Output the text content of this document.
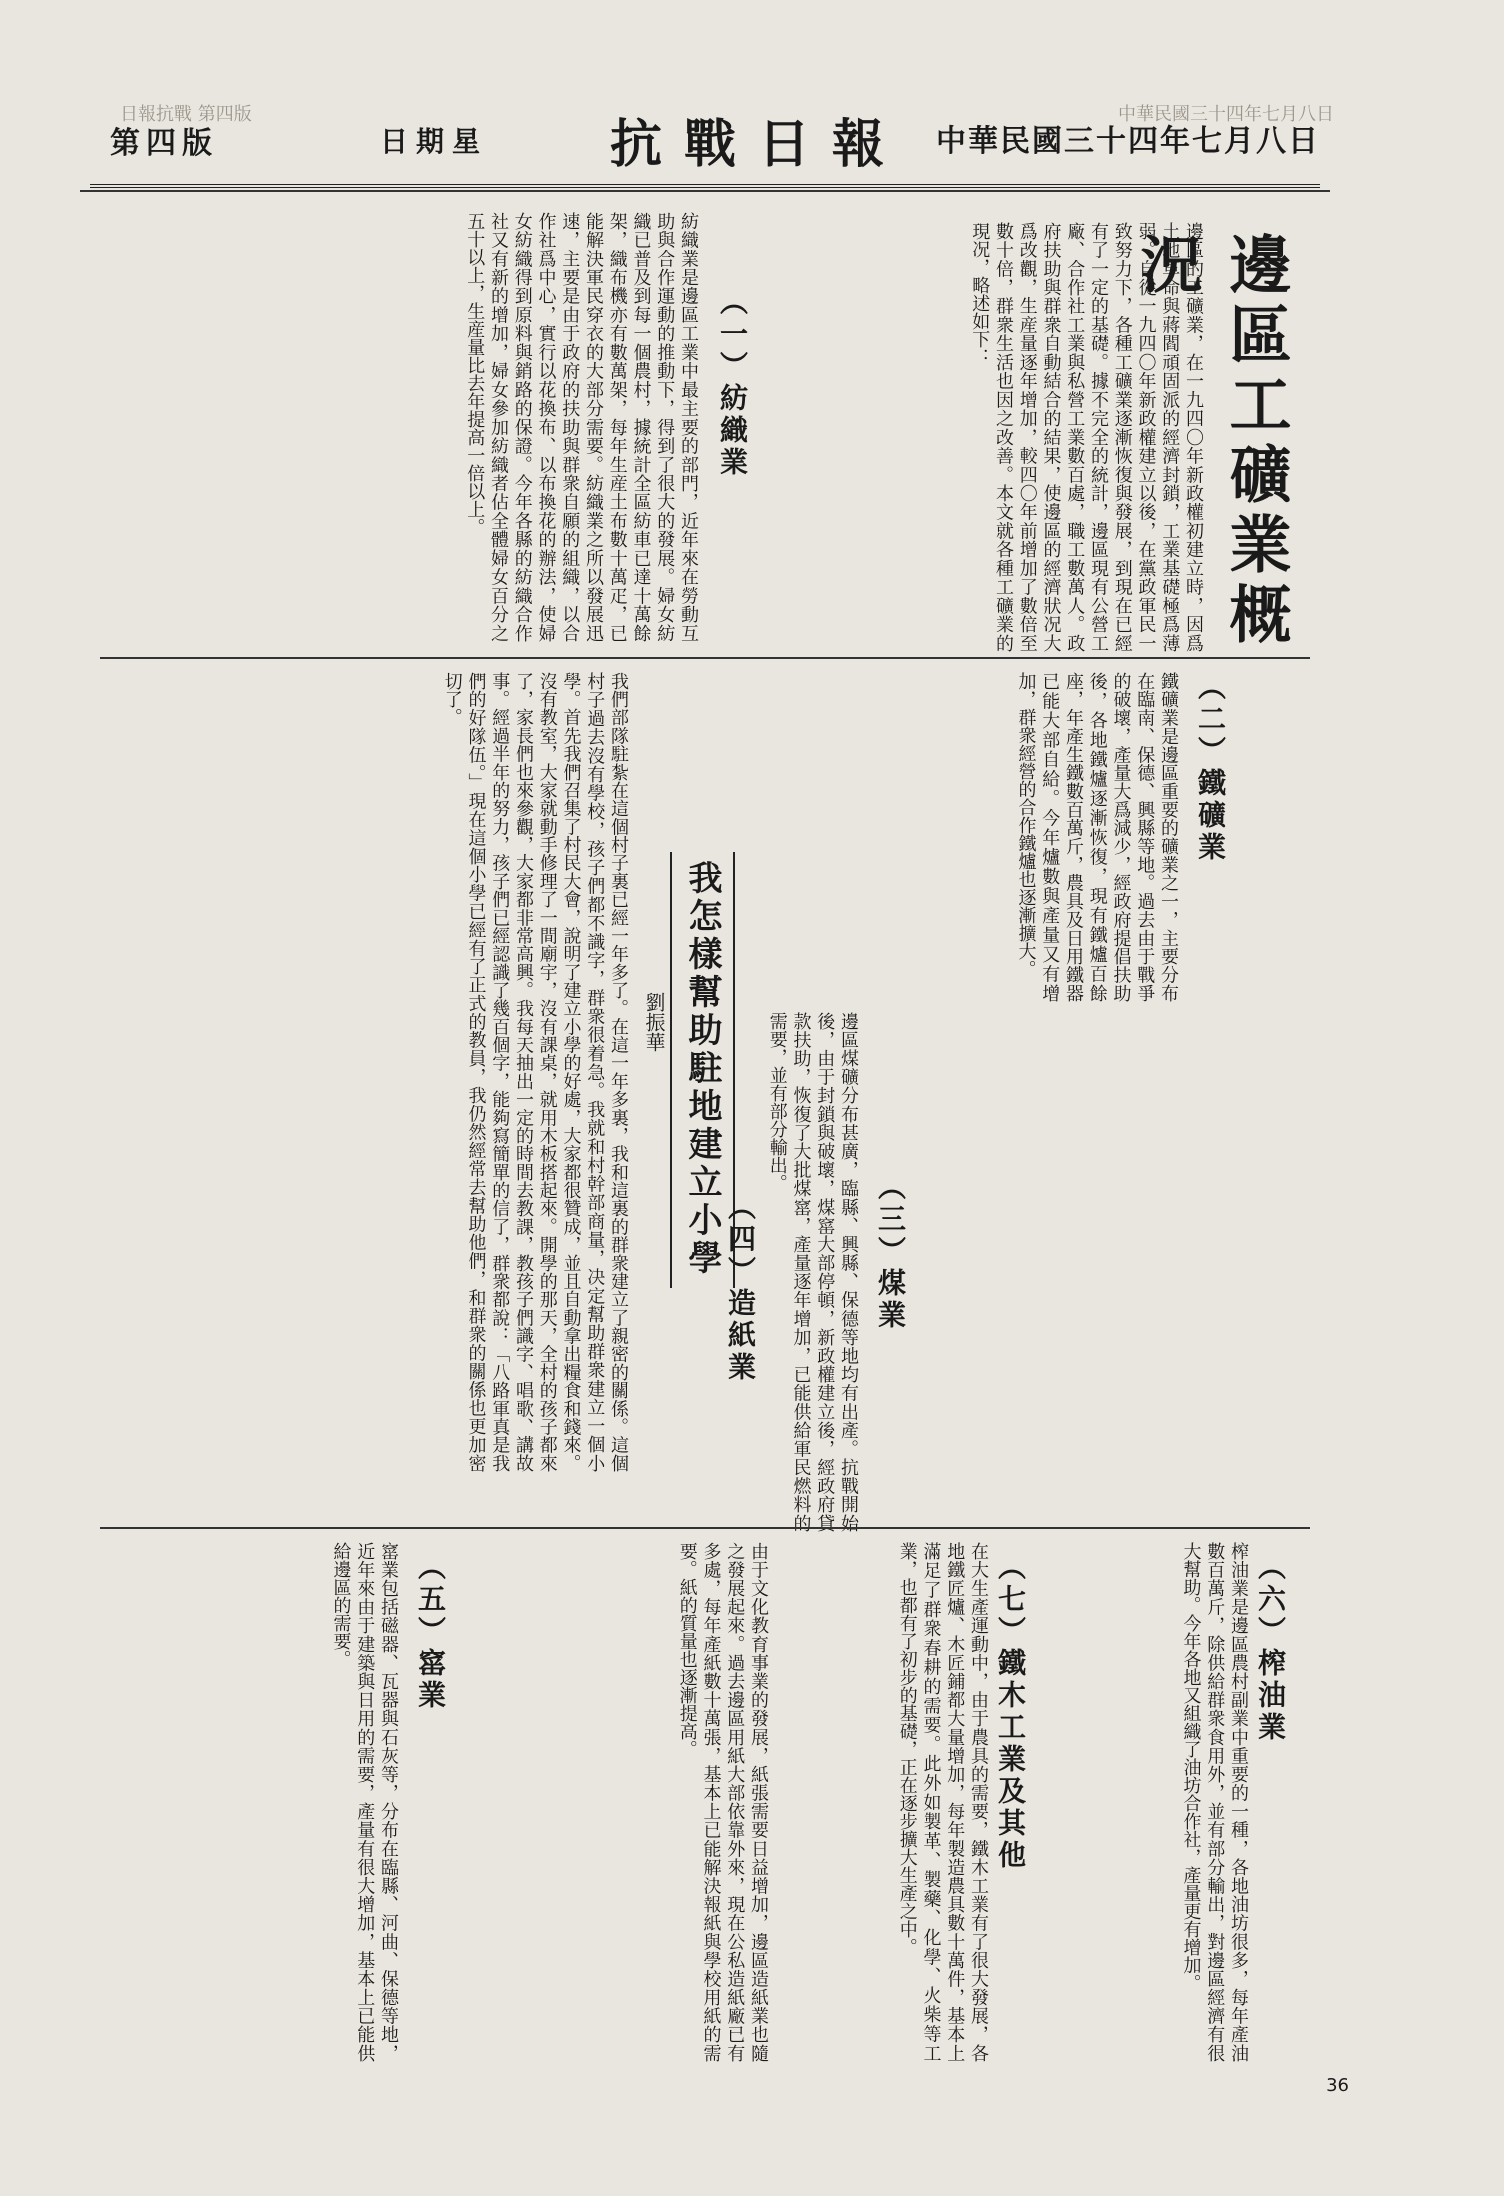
中華民國三十四年七月八日
日報抗戰 第四版
中華民國三十四年七月八日
抗戰日報
日期星
第四版
邊區工礦業概況
邊區的工礦業，在一九四〇年新政權初建立時，因爲土地革命與蔣閻頑固派的經濟封鎖，工業基礎極爲薄弱。自從一九四〇年新政權建立以後，在黨政軍民一致努力下，各種工礦業逐漸恢復與發展，到現在已經有了一定的基礎。據不完全的統計，邊區現有公營工廠、合作社工業與私營工業數百處，職工數萬人。政府扶助與群衆自動結合的結果，使邊區的經濟狀况大爲改觀，生産量逐年增加，較四〇年前增加了數倍至數十倍，群衆生活也因之改善。本文就各種工礦業的現况，略述如下：
（一）紡織業
紡織業是邊區工業中最主要的部門，近年來在勞動互助與合作運動的推動下，得到了很大的發展。婦女紡織已普及到每一個農村，據統計全區紡車已達十萬餘架，織布機亦有數萬架，每年生産土布數十萬疋，已能解決軍民穿衣的大部分需要。紡織業之所以發展迅速，主要是由于政府的扶助與群衆自願的組織，以合作社爲中心，實行以花換布、以布換花的辦法，使婦女紡織得到原料與銷路的保證。今年各縣的紡織合作社又有新的增加，婦女參加紡織者佔全體婦女百分之五十以上，生産量比去年提高一倍以上。
（二）鐵礦業
鐵礦業是邊區重要的礦業之一，主要分布在臨南、保德、興縣等地。過去由于戰爭的破壞，產量大爲減少，經政府提倡扶助後，各地鐵爐逐漸恢復，現有鐵爐百餘座，年產生鐵數百萬斤，農具及日用鐵器已能大部自給。今年爐數與產量又有增加，群衆經營的合作鐵爐也逐漸擴大。
（三）煤業
邊區煤礦分布甚廣，臨縣、興縣、保德等地均有出產。抗戰開始後，由于封鎖與破壞，煤窰大部停頓，新政權建立後，經政府貸款扶助，恢復了大批煤窰，產量逐年增加，已能供給軍民燃料的需要，並有部分輸出。
我怎樣幫助駐地建立小學
劉振華
我們部隊駐紮在這個村子裏已經一年多了。在這一年多裏，我和這裏的群衆建立了親密的關係。這個村子過去沒有學校，孩子們都不識字，群衆很着急。我就和村幹部商量，决定幫助群衆建立一個小學。首先我們召集了村民大會，說明了建立小學的好處，大家都很贊成，並且自動拿出糧食和錢來。沒有教室，大家就動手修理了一間廟宇，沒有課桌，就用木板搭起來。開學的那天，全村的孩子都來了，家長們也來參觀，大家都非常高興。我每天抽出一定的時間去教課，教孩子們識字、唱歌、講故事。經過半年的努力，孩子們已經認識了幾百個字，能夠寫簡單的信了，群衆都說：「八路軍真是我們的好隊伍。」現在這個小學已經有了正式的教員，我仍然經常去幫助他們，和群衆的關係也更加密切了。
（六）榨油業
榨油業是邊區農村副業中重要的一種，各地油坊很多，每年產油數百萬斤，除供給群衆食用外，並有部分輸出，對邊區經濟有很大幫助。今年各地又組織了油坊合作社，產量更有增加。
（七）鐵木工業及其他
在大生產運動中，由于農具的需要，鐵木工業有了很大發展，各地鐵匠爐、木匠鋪都大量增加，每年製造農具數十萬件，基本上滿足了群衆春耕的需要。此外如製革、製藥、化學、火柴等工業，也都有了初步的基礎，正在逐步擴大生產之中。
（四）造紙業
由于文化教育事業的發展，紙張需要日益增加，邊區造紙業也隨之發展起來。過去邊區用紙大部依靠外來，現在公私造紙廠已有多處，每年產紙數十萬張，基本上已能解決報紙與學校用紙的需要。紙的質量也逐漸提高。
（五）窰業
窰業包括磁器、瓦器與石灰等，分布在臨縣、河曲、保德等地，近年來由于建築與日用的需要，產量有很大增加，基本上已能供給邊區的需要。
36
